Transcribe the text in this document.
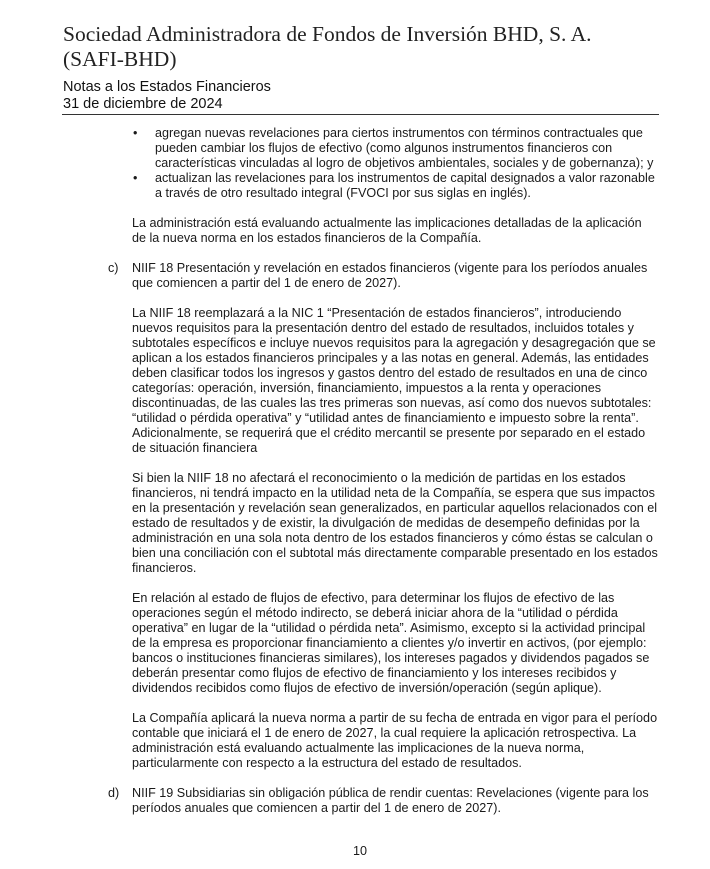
Sociedad Administradora de Fondos de Inversión BHD, S. A.
(SAFI-BHD)
Notas a los Estados Financieros
31 de diciembre de 2024
• agregan nuevas revelaciones para ciertos instrumentos con términos contractuales que pueden cambiar los flujos de efectivo (como algunos instrumentos financieros con características vinculadas al logro de objetivos ambientales, sociales y de gobernanza); y
• actualizan las revelaciones para los instrumentos de capital designados a valor razonable a través de otro resultado integral (FVOCI por sus siglas en inglés).
La administración está evaluando actualmente las implicaciones detalladas de la aplicación de la nueva norma en los estados financieros de la Compañía.
c) NIIF 18 Presentación y revelación en estados financieros (vigente para los períodos anuales que comiencen a partir del 1 de enero de 2027).
La NIIF 18 reemplazará a la NIC 1 “Presentación de estados financieros”, introduciendo nuevos requisitos para la presentación dentro del estado de resultados, incluidos totales y subtotales específicos e incluye nuevos requisitos para la agregación y desagregación que se aplican a los estados financieros principales y a las notas en general. Además, las entidades deben clasificar todos los ingresos y gastos dentro del estado de resultados en una de cinco categorías: operación, inversión, financiamiento, impuestos a la renta y operaciones discontinuadas, de las cuales las tres primeras son nuevas, así como dos nuevos subtotales: “utilidad o pérdida operativa” y “utilidad antes de financiamiento e impuesto sobre la renta”. Adicionalmente, se requerirá que el crédito mercantil se presente por separado en el estado de situación financiera
Si bien la NIIF 18 no afectará el reconocimiento o la medición de partidas en los estados financieros, ni tendrá impacto en la utilidad neta de la Compañía, se espera que sus impactos en la presentación y revelación sean generalizados, en particular aquellos relacionados con el estado de resultados y de existir, la divulgación de medidas de desempeño definidas por la administración en una sola nota dentro de los estados financieros y cómo éstas se calculan o bien una conciliación con el subtotal más directamente comparable presentado en los estados financieros.
En relación al estado de flujos de efectivo, para determinar los flujos de efectivo de las operaciones según el método indirecto, se deberá iniciar ahora de la “utilidad o pérdida operativa” en lugar de la “utilidad o pérdida neta”. Asimismo, excepto si la actividad principal de la empresa es proporcionar financiamiento a clientes y/o invertir en activos, (por ejemplo: bancos o instituciones financieras similares), los intereses pagados y dividendos pagados se deberán presentar como flujos de efectivo de financiamiento y los intereses recibidos y dividendos recibidos como flujos de efectivo de inversión/operación (según aplique).
La Compañía aplicará la nueva norma a partir de su fecha de entrada en vigor para el período contable que iniciará el 1 de enero de 2027, la cual requiere la aplicación retrospectiva. La administración está evaluando actualmente las implicaciones de la nueva norma, particularmente con respecto a la estructura del estado de resultados.
d) NIIF 19 Subsidiarias sin obligación pública de rendir cuentas: Revelaciones (vigente para los períodos anuales que comiencen a partir del 1 de enero de 2027).
10
